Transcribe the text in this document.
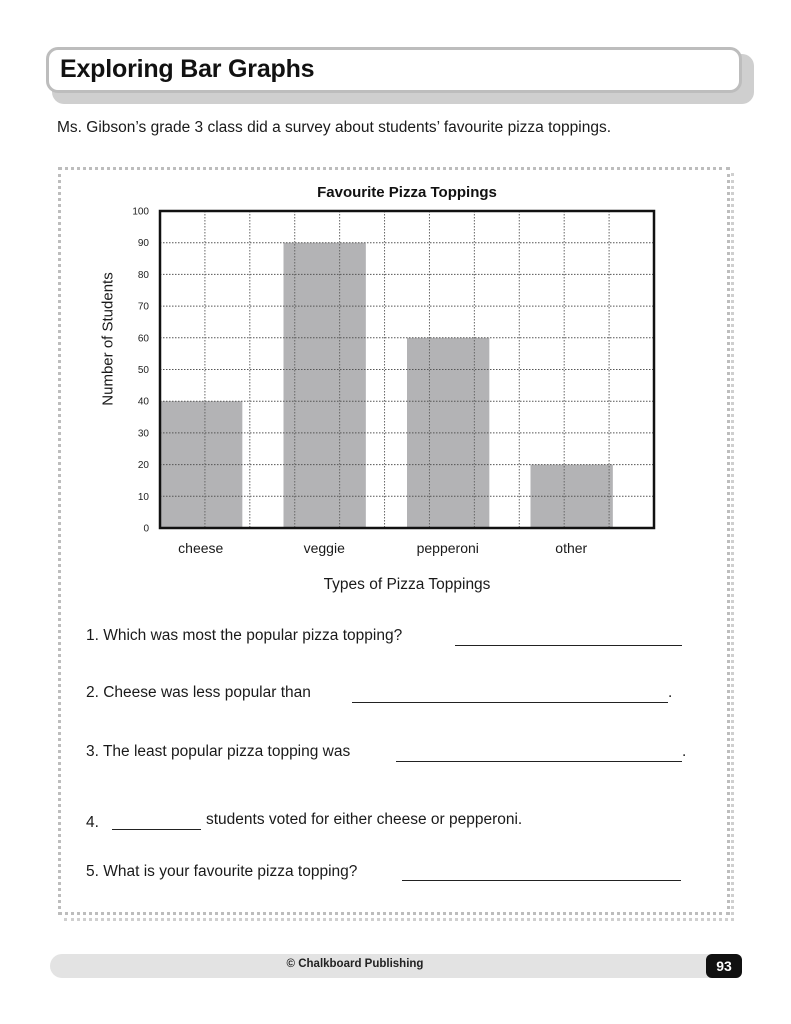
Exploring Bar Graphs

Ms. Gibson’s grade 3 class did a survey about students’ favourite pizza toppings.

Favourite Pizza Toppings
Number of Students
0
10
20
30
40
50
60
70
80
90
100
cheese	veggie	pepperoni	other
Types of Pizza Toppings
1. Which was most the popular pizza topping?
2. Cheese was less popular than	.
3. The least popular pizza topping was	.
4.	students voted for either cheese or pepperoni.
5. What is your favourite pizza topping?
© Chalkboard Publishing	93
